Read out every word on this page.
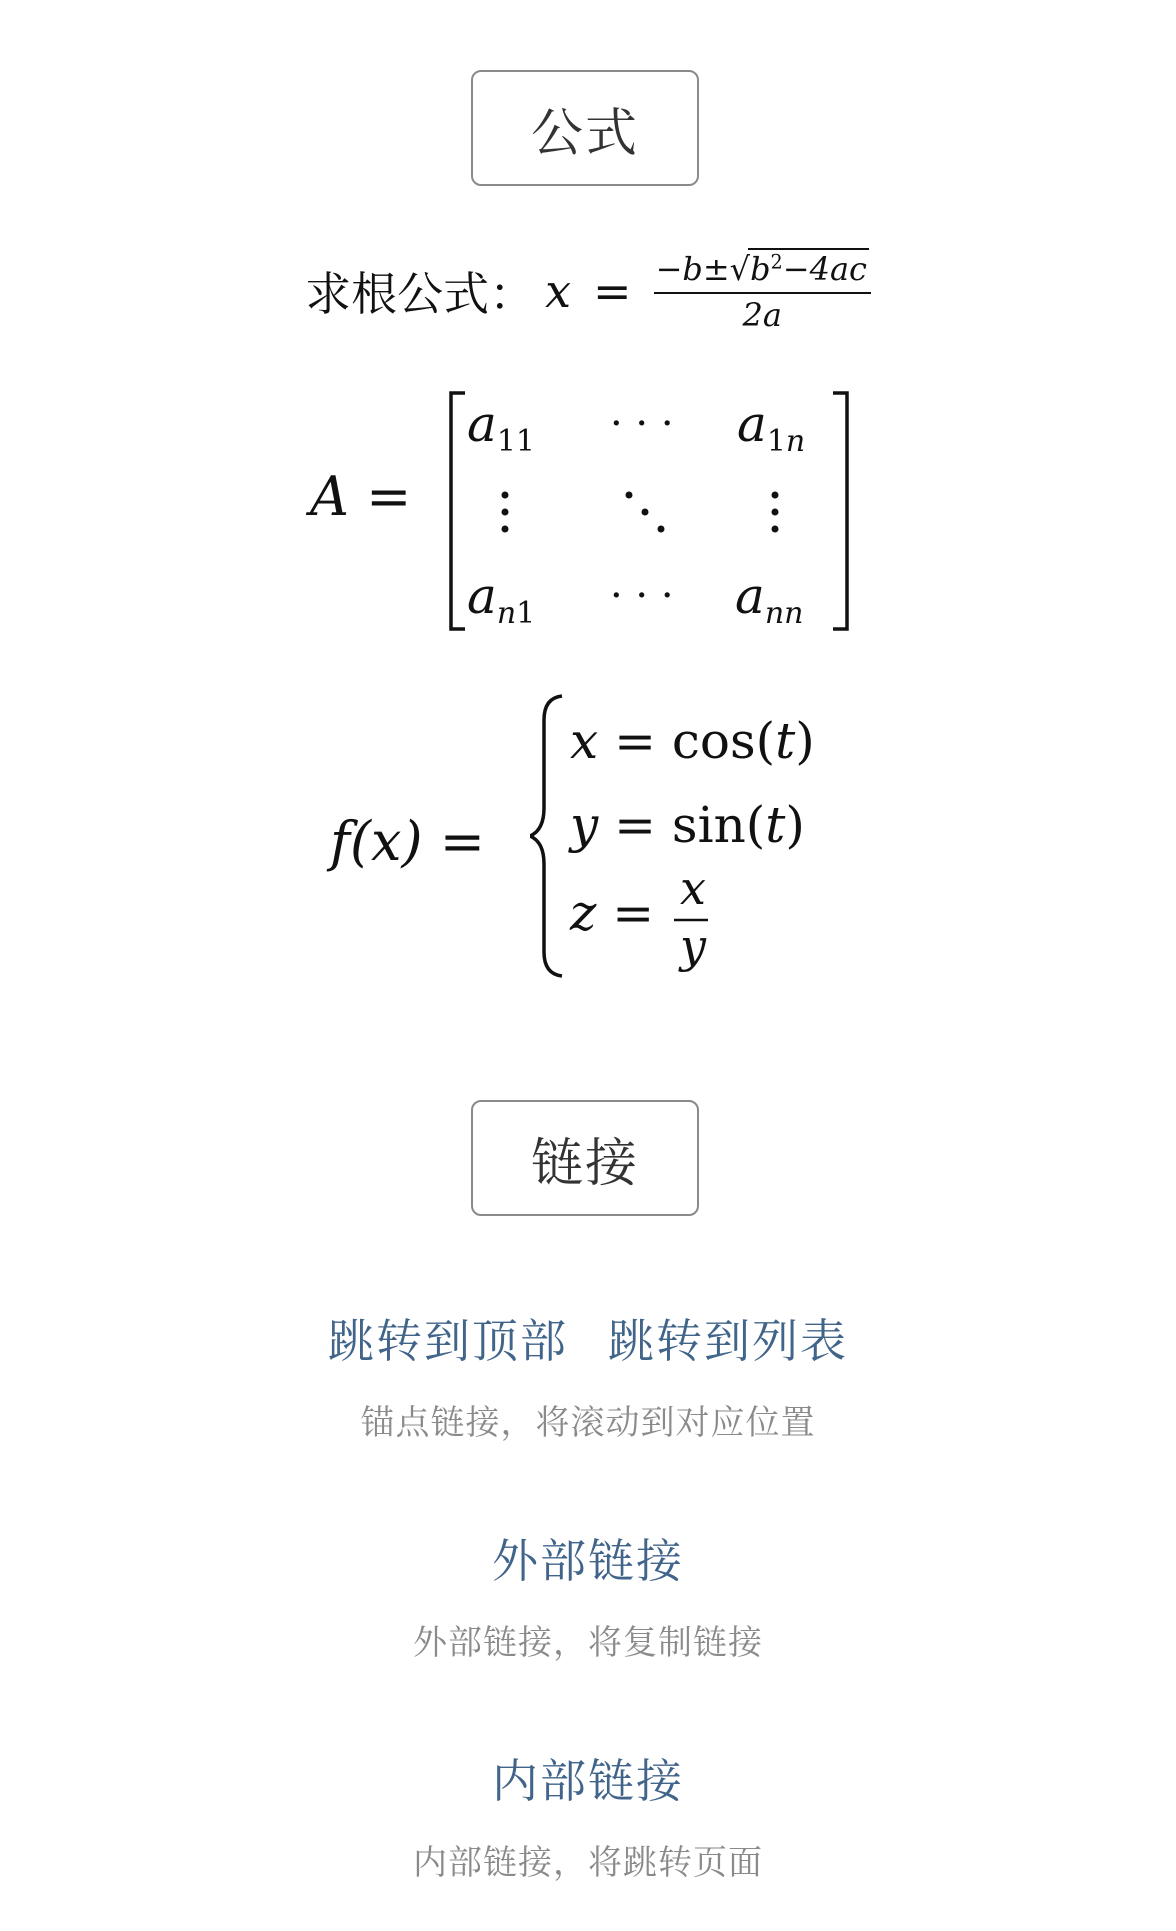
公式
求根公式： $x = \frac{-b\pm√b^2-4ac}{2a}$
A =
$a_{11}$ · · · $a_{1n}$
$a_{n1}$ · · · $a_{nn}$
f(x) =
x = cos(t)
y = sin(t)
z = x
y
链接
跳转到顶部 跳转到列表
锚点链接，将滚动到对应位置
外部链接
外部链接，将复制链接
内部链接
内部链接，将跳转页面
